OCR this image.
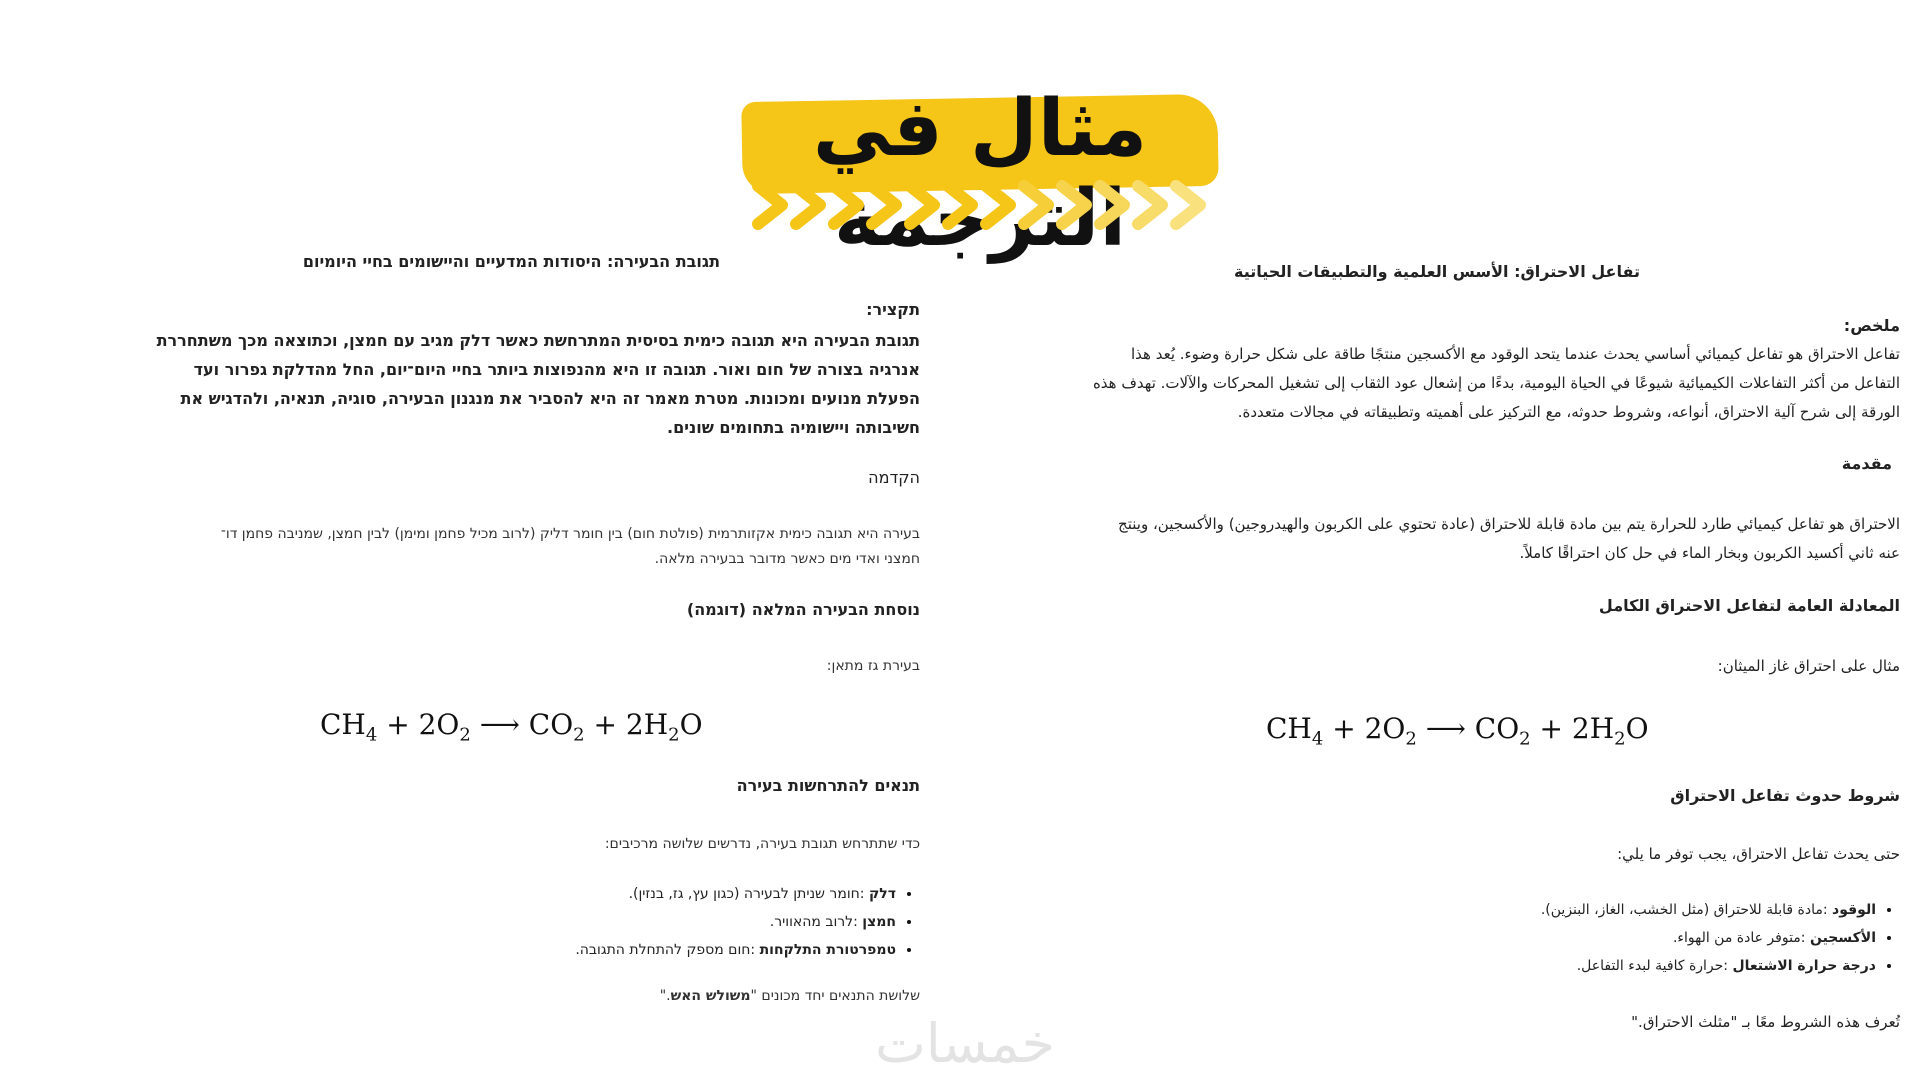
مثال في الترجمة
תגובת הבעירה: היסודות המדעיים והיישומים בחיי היומיום
תקציר:
תגובת הבעירה היא תגובה כימית בסיסית המתרחשת כאשר דלק מגיב עם חמצן, וכתוצאה מכך משתחררת
אנרגיה בצורה של חום ואור. תגובה זו היא מהנפוצות ביותר בחיי היום־יום, החל מהדלקת גפרור ועד
הפעלת מנועים ומכונות. מטרת מאמר זה היא להסביר את מנגנון הבעירה, סוגיה, תנאיה, ולהדגיש את
חשיבותה ויישומיה בתחומים שונים.
הקדמה
בעירה היא תגובה כימית אקזותרמית (פולטת חום) בין חומר דליק (לרוב מכיל פחמן ומימן) לבין חמצן, שמניבה פחמן דו־
חמצני ואדי מים כאשר מדובר בבעירה מלאה.
נוסחת הבעירה המלאה (דוגמה)
בעירת גז מתאן:
תנאים להתרחשות בעירה
כדי שתתרחש תגובת בעירה, נדרשים שלושה מרכיבים:
• דלק :חומר שניתן לבעירה (כגון עץ, גז, בנזין).
• חמצן :לרוב מהאוויר.
• טמפרטורת התלקחות :חום מספק להתחלת התגובה.
שלושת התנאים יחד מכונים "משולש האש."
$CH_4 + 2O_2$ ⟶ $CO_2 + 2H_2O$
تفاعل الاحتراق: الأسس العلمية والتطبيقات الحياتية
ملخص:
تفاعل الاحتراق هو تفاعل كيميائي أساسي يحدث عندما يتحد الوقود مع الأكسجين منتجًا طاقة على شكل حرارة وضوء. يُعد هذا
التفاعل من أكثر التفاعلات الكيميائية شيوعًا في الحياة اليومية، بدءًا من إشعال عود الثقاب إلى تشغيل المحركات والآلات. تهدف هذه
الورقة إلى شرح آلية الاحتراق، أنواعه، وشروط حدوثه، مع التركيز على أهميته وتطبيقاته في مجالات متعددة.
مقدمة
الاحتراق هو تفاعل كيميائي طارد للحرارة يتم بين مادة قابلة للاحتراق (عادة تحتوي على الكربون والهيدروجين) والأكسجين، وينتج
عنه ثاني أكسيد الكربون وبخار الماء في حل كان احتراقًا كاملاً.
المعادلة العامة لتفاعل الاحتراق الكامل
مثال على احتراق غاز الميثان:
شروط حدوث تفاعل الاحتراق
حتى يحدث تفاعل الاحتراق، يجب توفر ما يلي:
• الوقود :مادة قابلة للاحتراق (مثل الخشب، الغاز، البنزين).
• الأكسجين :متوفر عادة من الهواء.
• درجة حرارة الاشتعال :حرارة كافية لبدء التفاعل.
تُعرف هذه الشروط معًا بـ "مثلث الاحتراق."
$CH_4 + 2O_2$ ⟶ $CO_2 + 2H_2O$
خمسات
